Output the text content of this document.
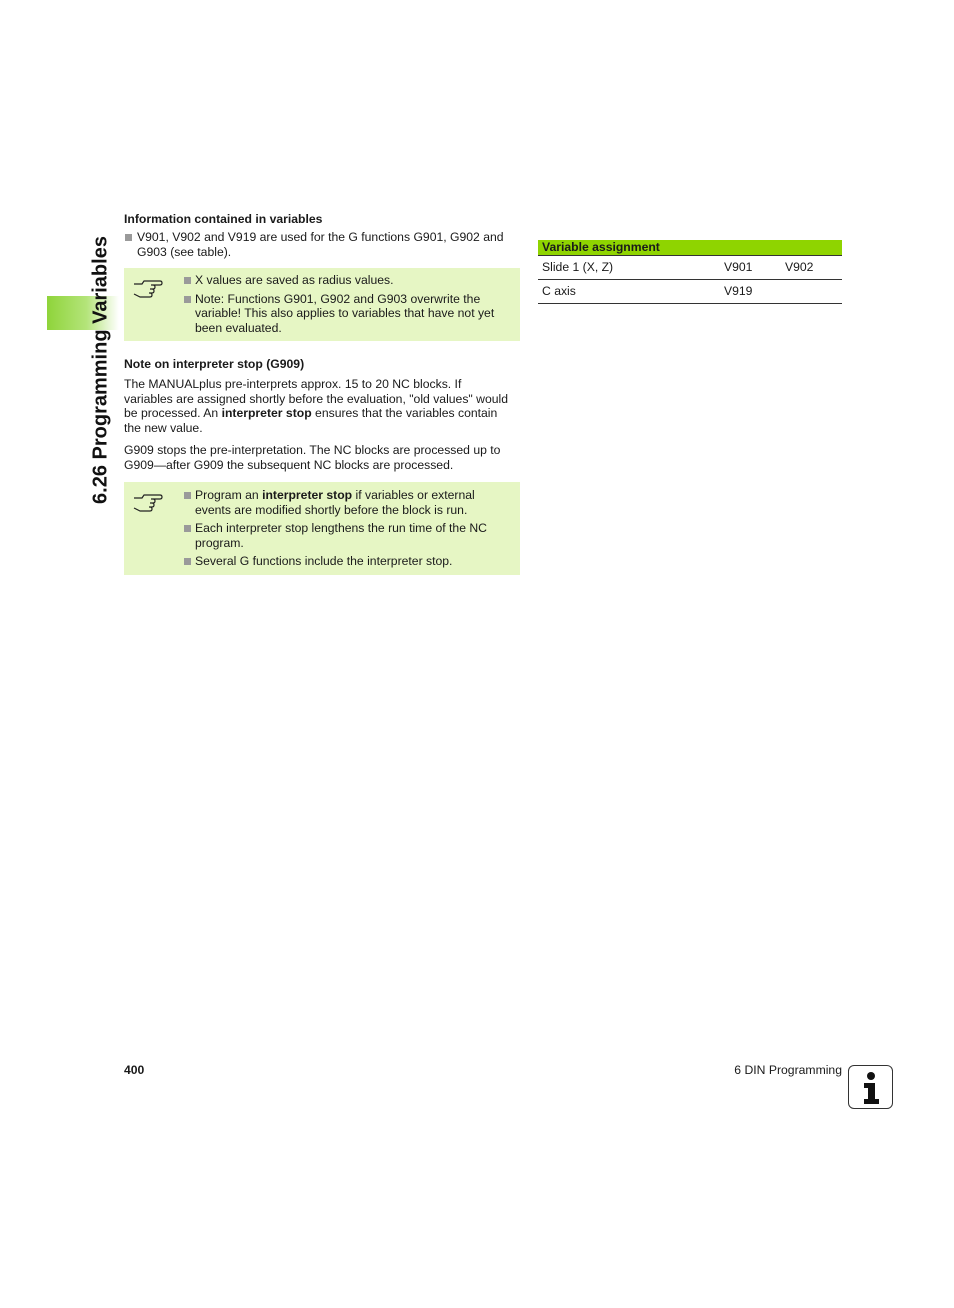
6.26 Programming Variables
Information contained in variables
V901, V902 and V919 are used for the G functions G901, G902 and
G903 (see table).
X values are saved as radius values.
Note: Functions G901, G902 and G903 overwrite the
variable! This also applies to variables that have not yet
been evaluated.
Note on interpreter stop (G909)
The MANUALplus pre-interprets approx. 15 to 20 NC blocks. If
variables are assigned shortly before the evaluation, "old values" would
be processed. An interpreter stop ensures that the variables contain
the new value.
G909 stops the pre-interpretation. The NC blocks are processed up to
G909—after G909 the subsequent NC blocks are processed.
Program an interpreter stop if variables or external
events are modified shortly before the block is run.
Each interpreter stop lengthens the run time of the NC
program.
Several G functions include the interpreter stop.
Variable assignment
Slide 1 (X, Z)	V901	V902
C axis	V919
400	6 DIN Programming
